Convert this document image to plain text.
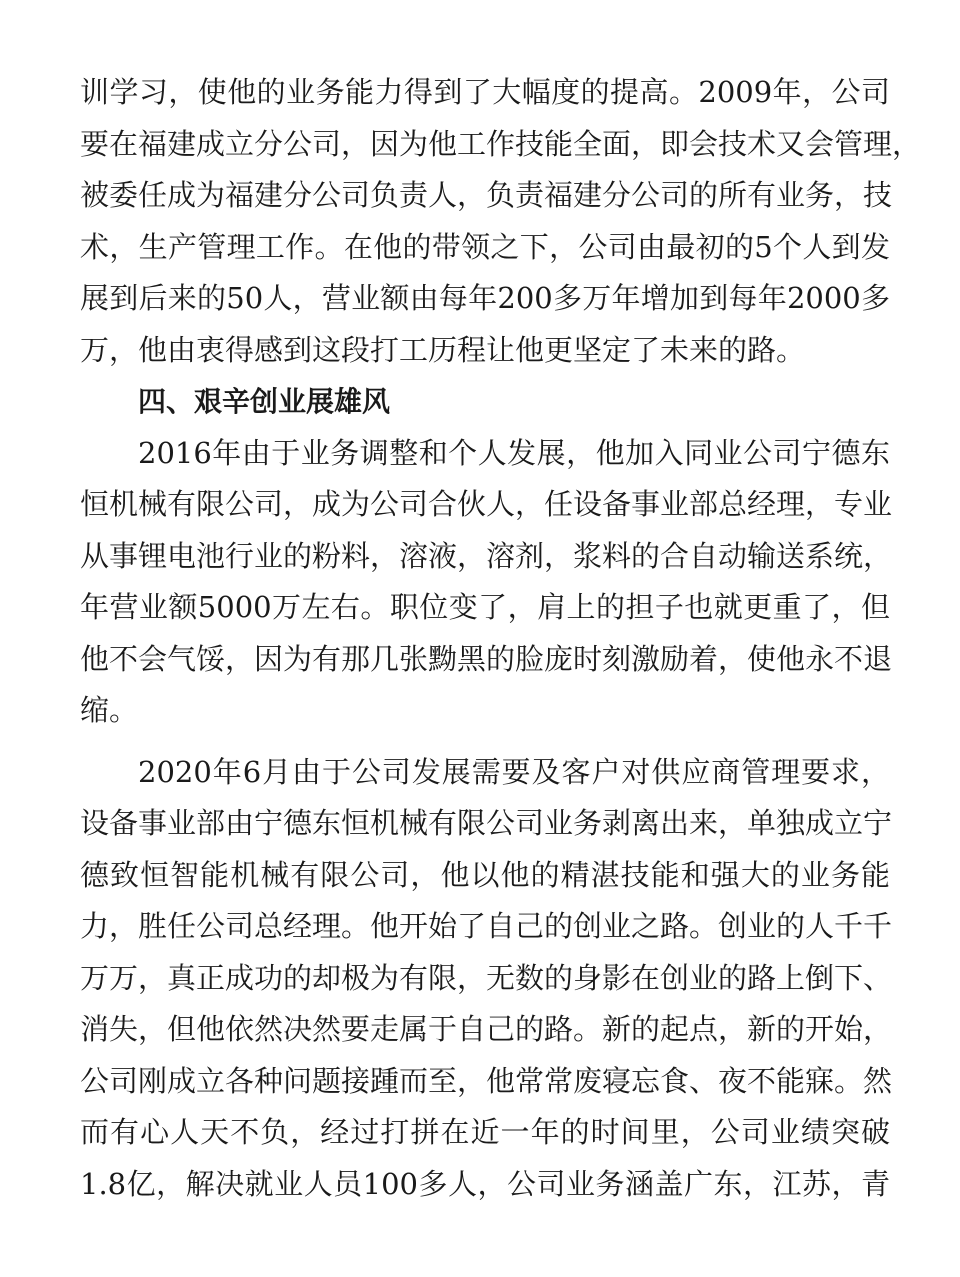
训学习，使他的业务能力得到了大幅度的提高。2009年，公司
要在福建成立分公司，因为他工作技能全面，即会技术又会管理，
被委任成为福建分公司负责人，负责福建分公司的所有业务，技
术，生产管理工作。在他的带领之下，公司由最初的5个人到发
展到后来的50人，营业额由每年200多万年增加到每年2000多
万，他由衷得感到这段打工历程让他更坚定了未来的路。
四、艰辛创业展雄风
2016年由于业务调整和个人发展，他加入同业公司宁德东
恒机械有限公司，成为公司合伙人，任设备事业部总经理，专业
从事锂电池行业的粉料，溶液，溶剂，浆料的合自动输送系统，
年营业额5000万左右。职位变了，肩上的担子也就更重了，但
他不会气馁，因为有那几张黝黑的脸庞时刻激励着，使他永不退
缩。
2020年6月由于公司发展需要及客户对供应商管理要求，
设备事业部由宁德东恒机械有限公司业务剥离出来，单独成立宁
德致恒智能机械有限公司，他以他的精湛技能和强大的业务能
力，胜任公司总经理。他开始了自己的创业之路。创业的人千千
万万，真正成功的却极为有限，无数的身影在创业的路上倒下、
消失，但他依然决然要走属于自己的路。新的起点，新的开始，
公司刚成立各种问题接踵而至，他常常废寝忘食、夜不能寐。然
而有心人天不负，经过打拼在近一年的时间里，公司业绩突破
1.8亿，解决就业人员100多人，公司业务涵盖广东，江苏，青
